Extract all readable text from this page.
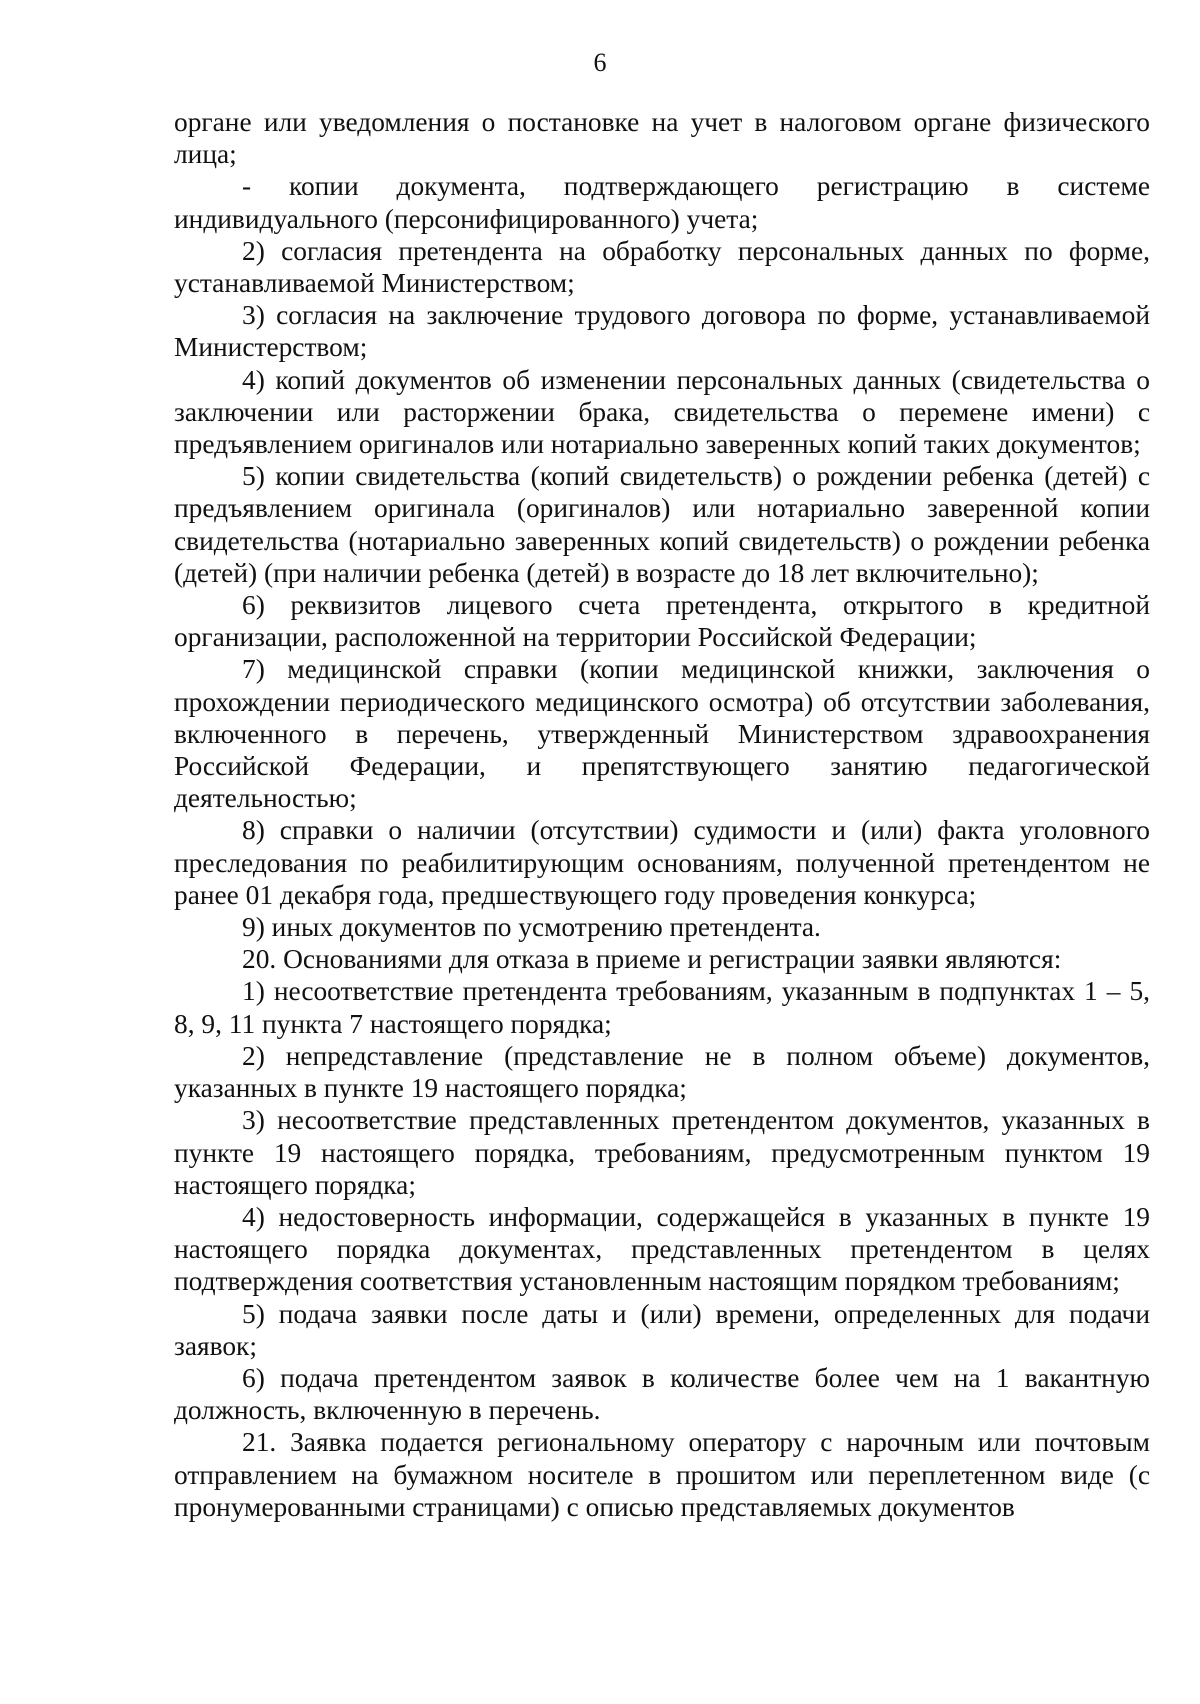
6

органе или уведомления о постановке на учет в налоговом органе физического лица;

- копии документа, подтверждающего регистрацию в системе индивидуального (персонифицированного) учета;

2) согласия претендента на обработку персональных данных по форме, устанавливаемой Министерством;

3) согласия на заключение трудового договора по форме, устанавливаемой Министерством;

4) копий документов об изменении персональных данных (свидетельства о заключении или расторжении брака, свидетельства о перемене имени) с предъявлением оригиналов или нотариально заверенных копий таких документов;

5) копии свидетельства (копий свидетельств) о рождении ребенка (детей) с предъявлением оригинала (оригиналов) или нотариально заверенной копии свидетельства (нотариально заверенных копий свидетельств) о рождении ребенка (детей) (при наличии ребенка (детей) в возрасте до 18 лет включительно);

6) реквизитов лицевого счета претендента, открытого в кредитной организации, расположенной на территории Российской Федерации;

7) медицинской справки (копии медицинской книжки, заключения о прохождении периодического медицинского осмотра) об отсутствии заболевания, включенного в перечень, утвержденный Министерством здравоохранения Российской Федерации, и препятствующего занятию педагогической деятельностью;

8) справки о наличии (отсутствии) судимости и (или) факта уголовного преследования по реабилитирующим основаниям, полученной претендентом не ранее 01 декабря года, предшествующего году проведения конкурса;

9) иных документов по усмотрению претендента.

20. Основаниями для отказа в приеме и регистрации заявки являются:

1) несоответствие претендента требованиям, указанным в подпунктах 1 – 5, 8, 9, 11 пункта 7 настоящего порядка;

2) непредставление (представление не в полном объеме) документов, указанных в пункте 19 настоящего порядка;

3) несоответствие представленных претендентом документов, указанных в пункте 19 настоящего порядка, требованиям, предусмотренным пунктом 19 настоящего порядка;

4) недостоверность информации, содержащейся в указанных в пункте 19 настоящего порядка документах, представленных претендентом в целях подтверждения соответствия установленным настоящим порядком требованиям;

5) подача заявки после даты и (или) времени, определенных для подачи заявок;

6) подача претендентом заявок в количестве более чем на 1 вакантную должность, включенную в перечень.

21. Заявка подается региональному оператору с нарочным или почтовым отправлением на бумажном носителе в прошитом или переплетенном виде (с пронумерованными страницами) с описью представляемых документов
